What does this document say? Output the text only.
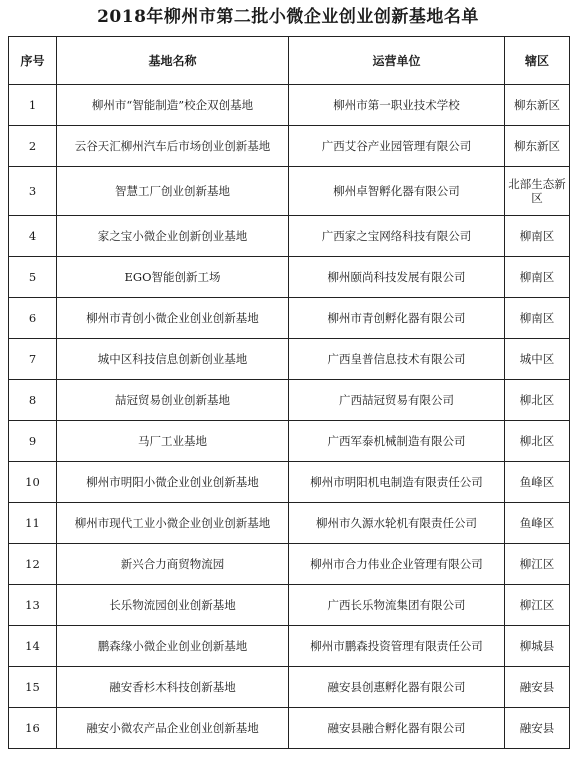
2018年柳州市第二批小微企业创业创新基地名单
序号	基地名称	运营单位	辖区
1	柳州市“智能制造”校企双创基地	柳州市第一职业技术学校	柳东新区
2	云谷天汇柳州汽车后市场创业创新基地	广西艾谷产业园管理有限公司	柳东新区
3	智慧工厂创业创新基地	柳州卓智孵化器有限公司	北部生态新区
4	家之宝小微企业创新创业基地	广西家之宝网络科技有限公司	柳南区
5	EGO智能创新工场	柳州颐尚科技发展有限公司	柳南区
6	柳州市青创小微企业创业创新基地	柳州市青创孵化器有限公司	柳南区
7	城中区科技信息创新创业基地	广西皇普信息技术有限公司	城中区
8	喆冠贸易创业创新基地	广西喆冠贸易有限公司	柳北区
9	马厂工业基地	广西军泰机械制造有限公司	柳北区
10	柳州市明阳小微企业创业创新基地	柳州市明阳机电制造有限责任公司	鱼峰区
11	柳州市现代工业小微企业创业创新基地	柳州市久源水轮机有限责任公司	鱼峰区
12	新兴合力商贸物流园	柳州市合力伟业企业管理有限公司	柳江区
13	长乐物流园创业创新基地	广西长乐物流集团有限公司	柳江区
14	鹏森缘小微企业创业创新基地	柳州市鹏森投资管理有限责任公司	柳城县
15	融安香杉木科技创新基地	融安县创惠孵化器有限公司	融安县
16	融安小微农产品企业创业创新基地	融安县融合孵化器有限公司	融安县
